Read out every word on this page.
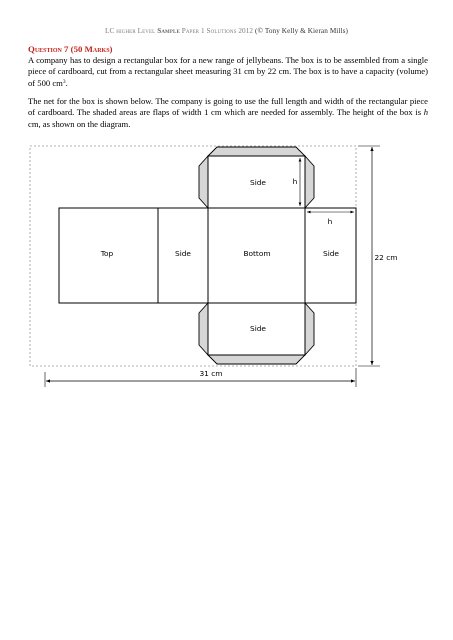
LC higher Level Sample Paper 1 Solutions 2012 (© Tony Kelly & Kieran Mills)
Question 7 (50 Marks)
A company has to design a rectangular box for a new range of jellybeans. The box is to be assembled from a single piece of cardboard, cut from a rectangular sheet measuring 31 cm by 22 cm. The box is to have a capacity (volume) of 500 $cm^3$.
The net for the box is shown below. The company is going to use the full length and width of the rectangular piece of cardboard. The shaded areas are flaps of width 1 cm which are needed for assembly. The height of the box is h cm, as shown on the diagram.
Top	Side	Bottom	Side
Side
Side
h
h
31 cm
22 cm
